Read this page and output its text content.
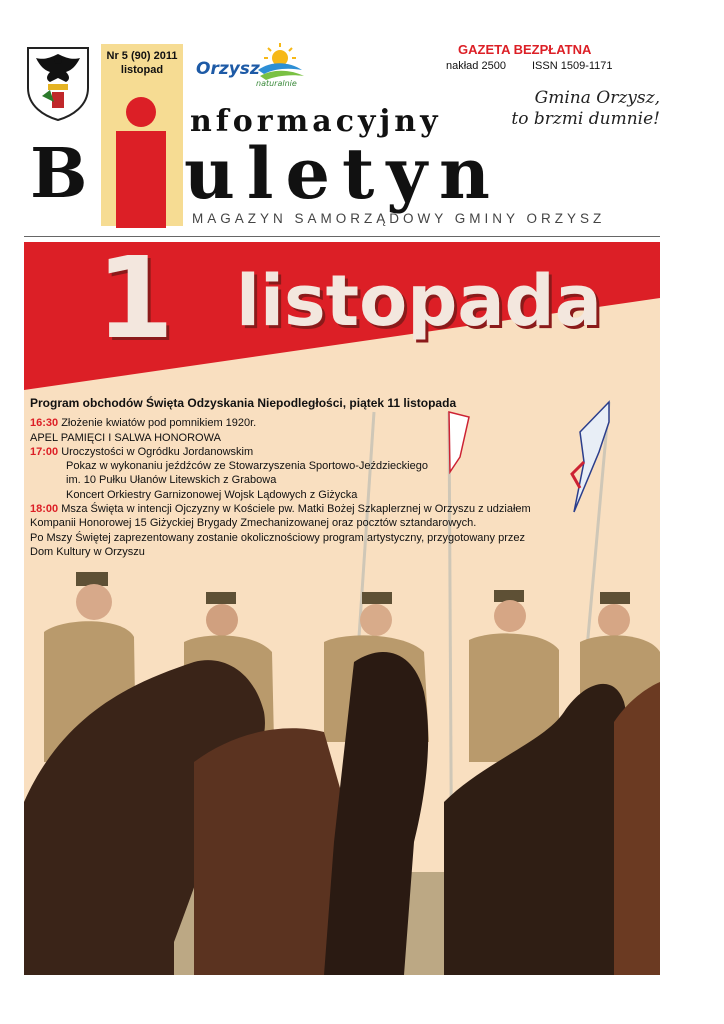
Nr 5 (90) 2011
listopad	Orzysz
naturalnie
GAZETA BEZPŁATNA
nakład 2500 ISSN 1509-1171
Gmina Orzysz,
to brzmi dumnie!
nformacyjny
B uletyn
MAGAZYN SAMORZĄDOWY GMINY ORZYSZ
1 listopada
Program obchodów Święta Odzyskania Niepodległości, piątek 11 listopada
16:30 Złożenie kwiatów pod pomnikiem 1920r.
APEL PAMIĘCI I SALWA HONOROWA
17:00 Uroczystości w Ogródku Jordanowskim
Pokaz w wykonaniu jeźdźców ze Stowarzyszenia Sportowo-Jeździeckiego
im. 10 Pułku Ułanów Litewskich z Grabowa
Koncert Orkiestry Garnizonowej Wojsk Lądowych z Giżycka
18:00 Msza Święta w intencji Ojczyzny w Kościele pw. Matki Bożej Szkaplerznej w Orzyszu z udziałem
Kompanii Honorowej 15 Giżyckiej Brygady Zmechanizowanej oraz pocztów sztandarowych.
Po Mszy Świętej zaprezentowany zostanie okolicznościowy program artystyczny, przygotowany przez
Dom Kultury w Orzyszu
